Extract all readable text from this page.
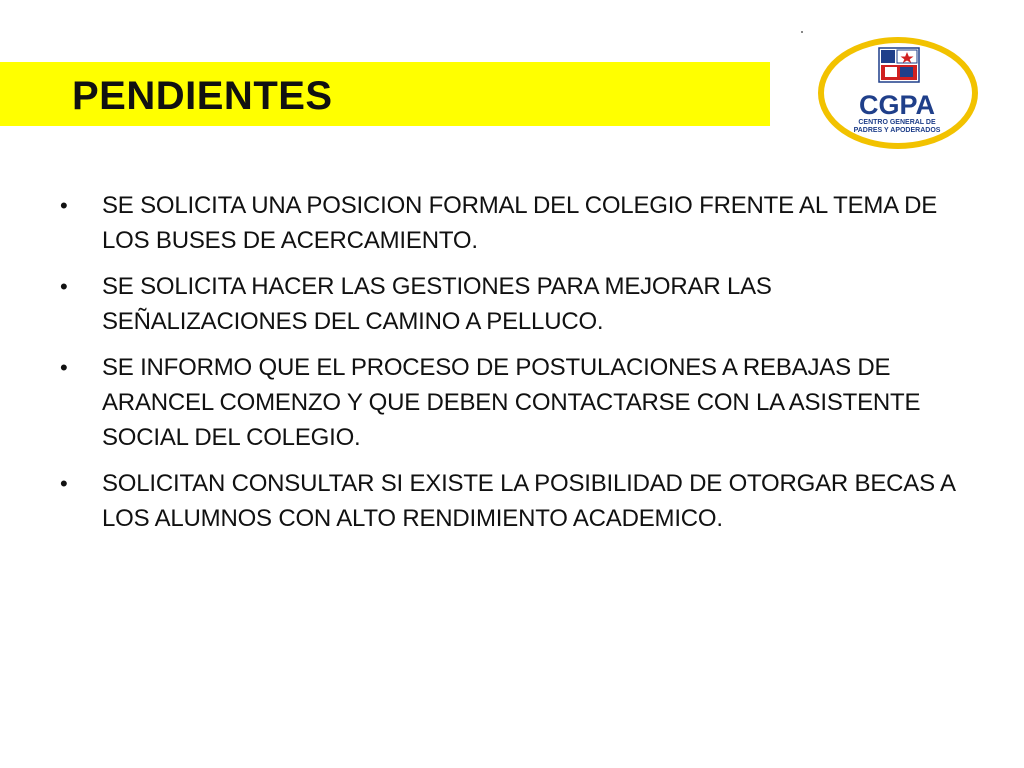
PENDIENTES	CGPA
CENTRO GENERAL DE
PADRES Y APODERADOS
•	SE SOLICITA UNA POSICION FORMAL DEL COLEGIO FRENTE AL TEMA DE LOS BUSES DE ACERCAMIENTO.
•	SE SOLICITA HACER LAS GESTIONES PARA MEJORAR LAS SEÑALIZACIONES DEL CAMINO A PELLUCO.
•	SE INFORMO QUE EL PROCESO DE POSTULACIONES A REBAJAS DE ARANCEL COMENZO Y QUE DEBEN CONTACTARSE CON LA ASISTENTE SOCIAL DEL COLEGIO.
•	SOLICITAN CONSULTAR SI EXISTE LA POSIBILIDAD DE OTORGAR BECAS A LOS ALUMNOS CON ALTO RENDIMIENTO ACADEMICO.
